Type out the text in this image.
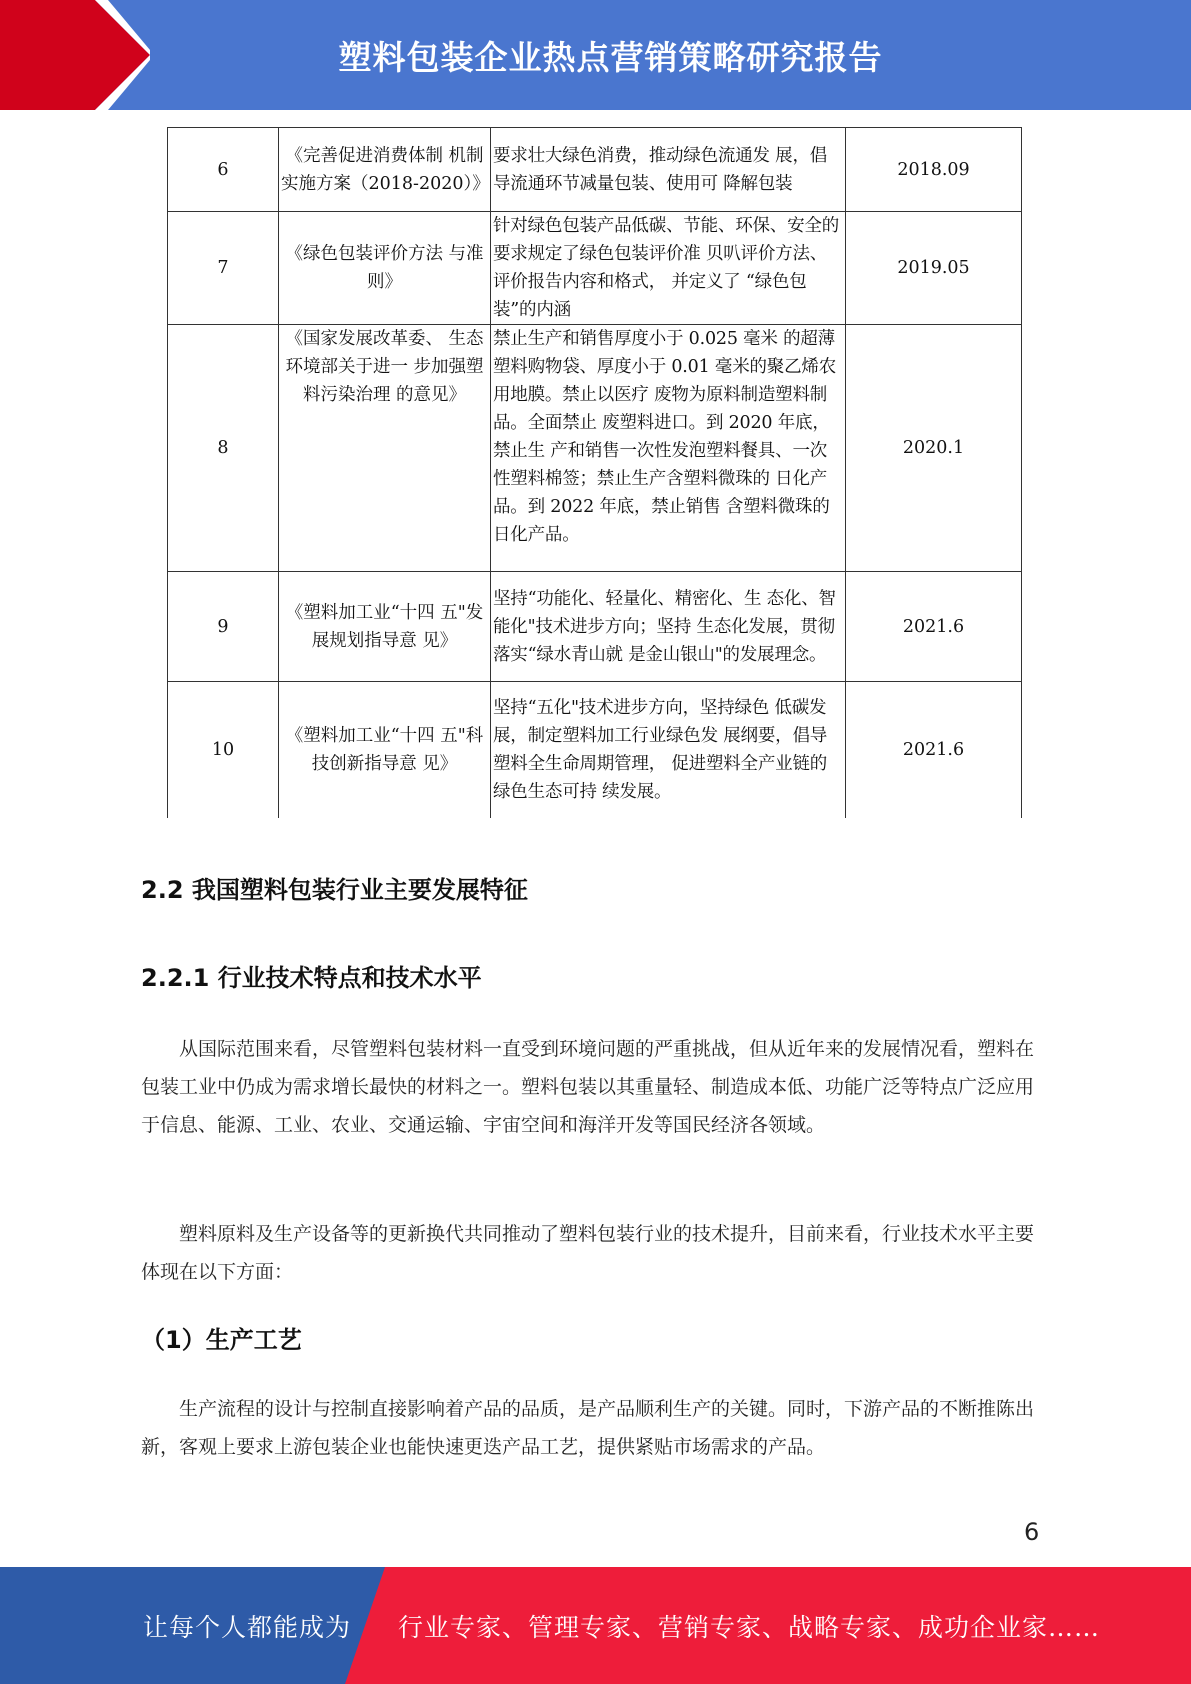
塑料包装企业热点营销策略研究报告
6	《完善促进消费体制 机制实施方案（2018-2020）》	要求壮大绿色消费，推动绿色流通发 展，倡导流通环节减量包装、使用可 降解包装	2018.09
7	《绿色包装评价方法 与准则》	针对绿色包装产品低碳、节能、环保、安全的要求规定了绿色包装评价准 贝叭评价方法、评价报告内容和格式， 并定义了 “绿色包装”的内涵	2019.05
8	《国家发展改革委、 生态环境部关于进一 步加强塑料污染治理 的意见》	禁止生产和销售厚度小于 0.025 毫米 的超薄塑料购物袋、厚度小于 0.01 毫米的聚乙烯农用地膜。禁止以医疗 废物为原料制造塑料制品。全面禁止 废塑料进口。到 2020 年底，禁止生 产和销售一次性发泡塑料餐具、一次 性塑料棉签；禁止生产含塑料微珠的 日化产品。到 2022 年底，禁止销售 含塑料微珠的日化产品。	2020.1
9	《塑料加工业“十四 五"发展规划指导意 见》	坚持“功能化、轻量化、精密化、生 态化、智能化"技术进步方向；坚持 生态化发展，贯彻落实“绿水青山就 是金山银山"的发展理念。	2021.6
10	《塑料加工业“十四 五"科技创新指导意 见》	坚持“五化"技术进步方向，坚持绿色 低碳发展，制定塑料加工行业绿色发 展纲要，倡导塑料全生命周期管理， 促进塑料全产业链的绿色生态可持 续发展。	2021.6
2.2 我国塑料包装行业主要发展特征
2.2.1 行业技术特点和技术水平

从国际范围来看，尽管塑料包装材料一直受到环境问题的严重挑战，但从近年来的发展情况看，塑料在包装工业中仍成为需求增长最快的材料之一。塑料包装以其重量轻、制造成本低、功能广泛等特点广泛应用于信息、能源、工业、农业、交通运输、宇宙空间和海洋开发等国民经济各领域。

塑料原料及生产设备等的更新换代共同推动了塑料包装行业的技术提升，目前来看，行业技术水平主要体现在以下方面：

（1）生产工艺

生产流程的设计与控制直接影响着产品的品质，是产品顺利生产的关键。同时，下游产品的不断推陈出新，客观上要求上游包装企业也能快速更迭产品工艺，提供紧贴市场需求的产品。

6
让每个人都能成为 行业专家、管理专家、营销专家、战略专家、成功企业家……
